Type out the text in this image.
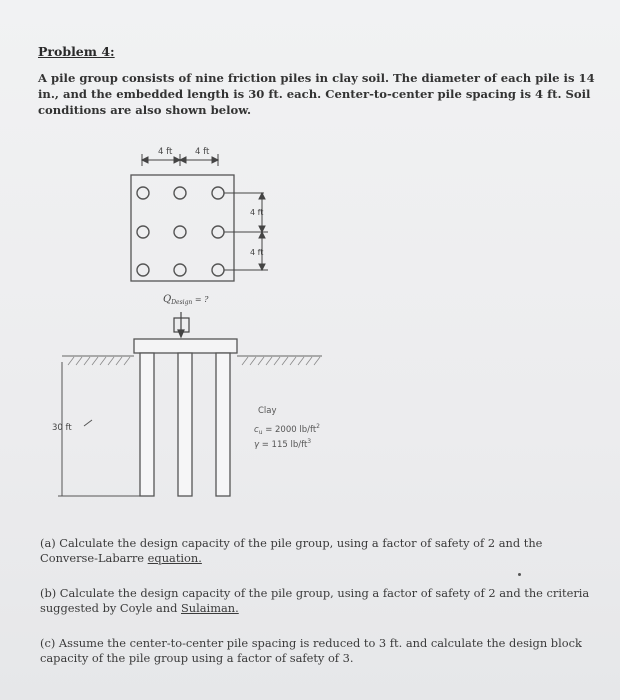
Problem 4:
A pile group consists of nine friction piles in clay soil. The diameter of each pile is 14 in., and the embedded length is 30 ft. each. Center-to-center pile spacing is 4 ft. Soil conditions are also shown below.
4 ft	4 ft
4 ft
4 ft
$Q_{Design}$ = ?
30 ft
Clay
$c_u = 2000$ $lb/ft^2$
γ = 115 $lb/ft^3$
(a) Calculate the design capacity of the pile group, using a factor of safety of 2 and the Converse-Labarre equation.
(b) Calculate the design capacity of the pile group, using a factor of safety of 2 and the criteria suggested by Coyle and Sulaiman.
(c) Assume the center-to-center pile spacing is reduced to 3 ft. and calculate the design block capacity of the pile group using a factor of safety of 3.
